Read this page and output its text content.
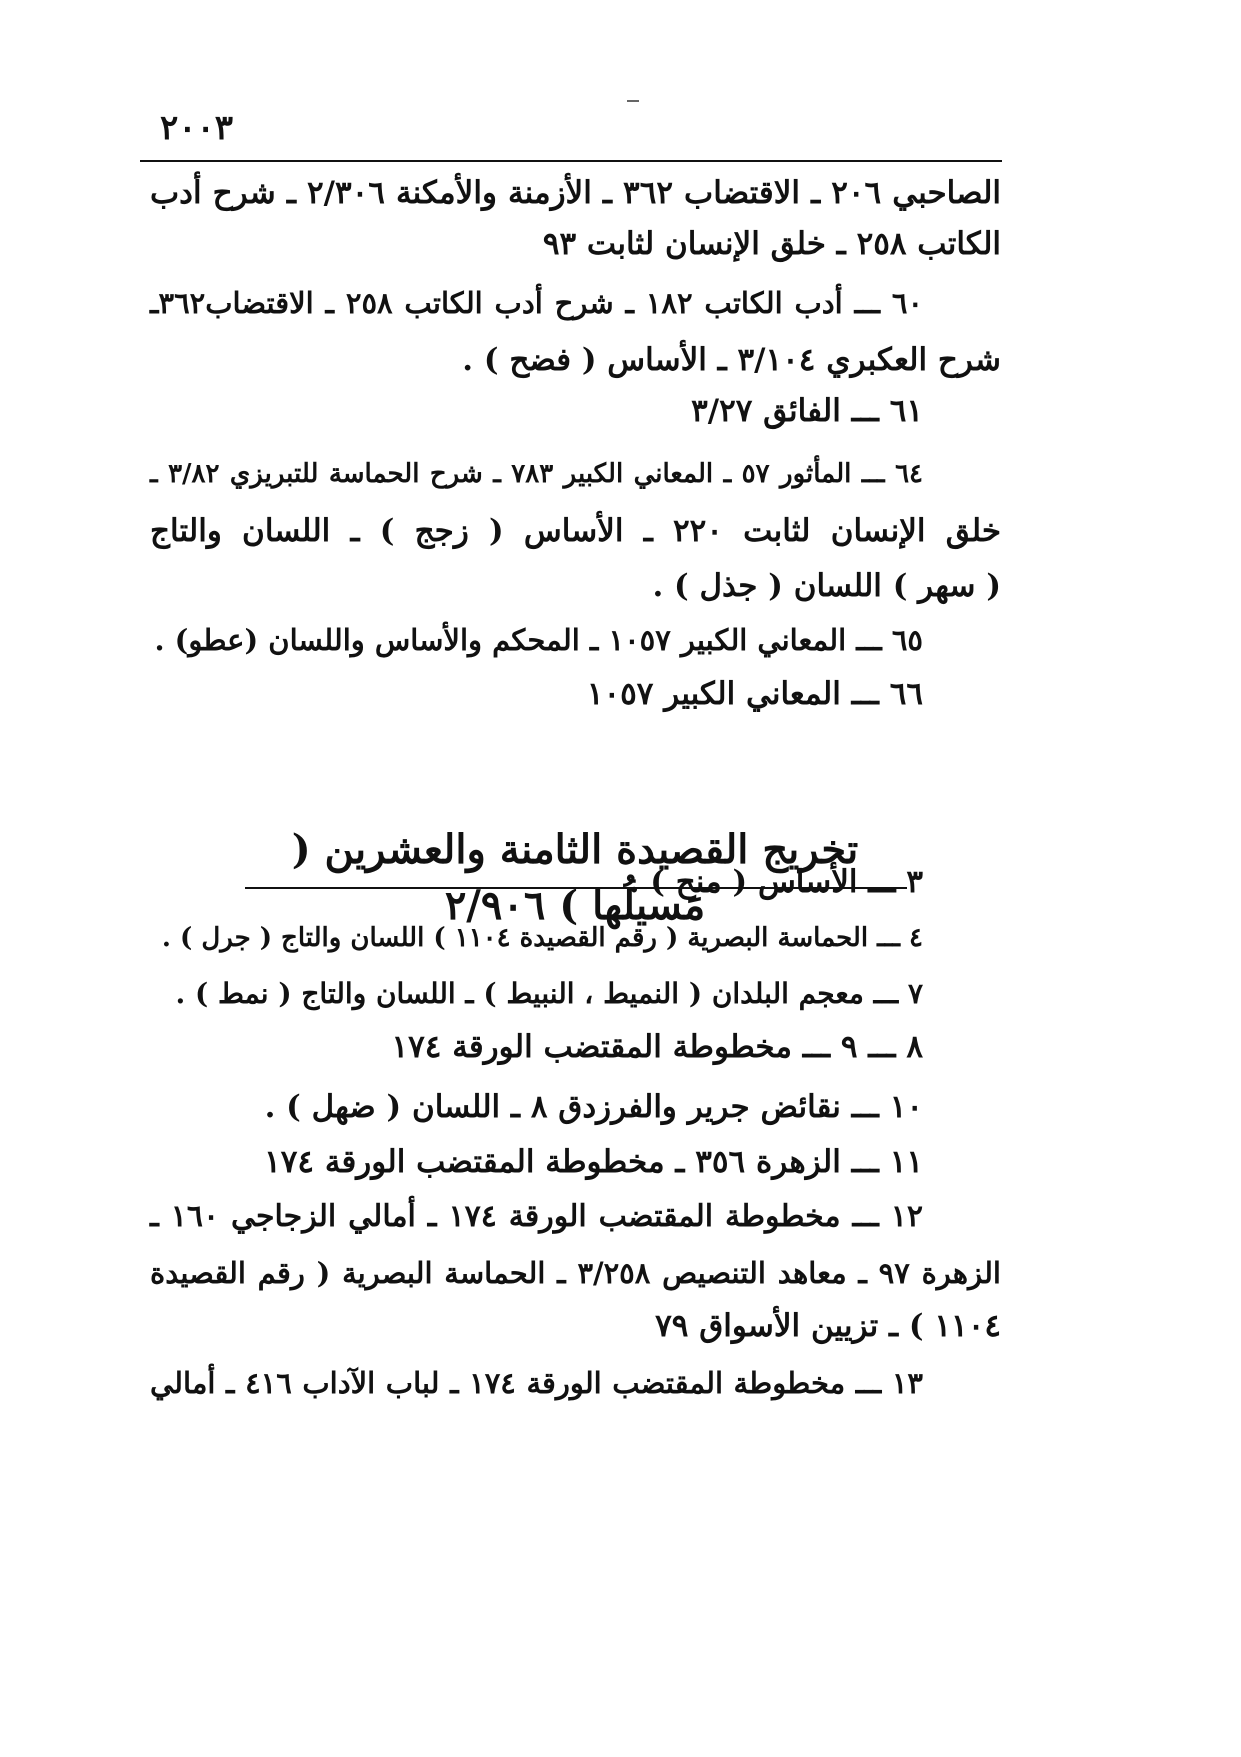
٢٠٠٣
الصاحبي ٢٠٦ ـ الاقتضاب ٣٦٢ ـ الأزمنة والأمكنة ٢/٣٠٦ ـ شرح أدب
الكاتب ٢٥٨ ـ خلق الإنسان لثابت ٩٣
٦٠ ـــ أدب الكاتب ١٨٢ ـ شرح أدب الكاتب ٢٥٨ ـ الاقتضاب٣٦٢ـ
شرح العكبري ٣/١٠٤ ـ الأساس ( فضح ) .
٦١ ـــ الفائق ٣/٢٧
٦٤ ـــ المأثور ٥٧ ـ المعاني الكبير ٧٨٣ ـ شرح الحماسة للتبريزي ٣/٨٢ ـ
خلق الإنسان لثابت ٢٢٠ ـ الأساس ( زجج ) ـ اللسان والتاج
( سهر ) اللسان ( جذل ) .
٦٥ ـــ المعاني الكبير ١٠٥٧ ـ المحكم والأساس واللسان (عطو) .
٦٦ ـــ المعاني الكبير ١٠٥٧
تخريج القصيدة الثامنة والعشرين ( مَسيلُها ) ٢/٩٠٦
٣ ـــ الأساس ( منح ) .
٤ ـــ الحماسة البصرية ( رقم القصيدة ١١٠٤ ) اللسان والتاج ( جرل ) .
٧ ـــ معجم البلدان ( النميط ، النبيط ) ـ اللسان والتاج ( نمط ) .
٨ ـــ ٩ ـــ مخطوطة المقتضب الورقة ١٧٤
١٠ ـــ نقائض جرير والفرزدق ٨ ـ اللسان ( ضهل ) .
١١ ـــ الزهرة ٣٥٦ ـ مخطوطة المقتضب الورقة ١٧٤
١٢ ـــ مخطوطة المقتضب الورقة ١٧٤ ـ أمالي الزجاجي ١٦٠ ـ
الزهرة ٩٧ ـ معاهد التنصيص ٣/٢٥٨ ـ الحماسة البصرية ( رقم القصيدة
١١٠٤ ) ـ تزيين الأسواق ٧٩
١٣ ـــ مخطوطة المقتضب الورقة ١٧٤ ـ لباب الآداب ٤١٦ ـ أمالي
